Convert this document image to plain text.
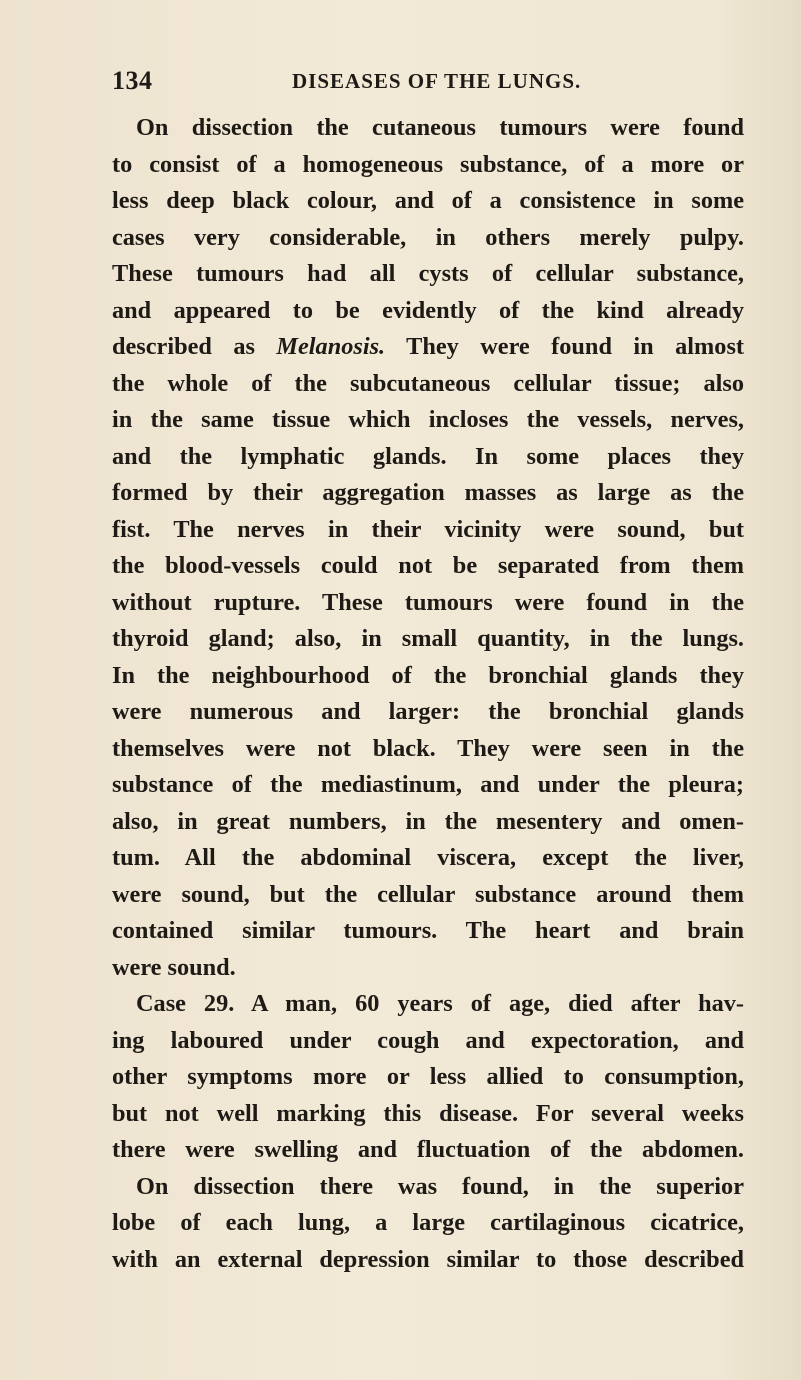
134	DISEASES OF THE LUNGS.
On dissection the cutaneous tumours were found
to consist of a homogeneous substance, of a more or
less deep black colour, and of a consistence in some
cases very considerable, in others merely pulpy.
These tumours had all cysts of cellular substance,
and appeared to be evidently of the kind already
described as Melanosis. They were found in almost
the whole of the subcutaneous cellular tissue; also
in the same tissue which incloses the vessels, nerves,
and the lymphatic glands. In some places they
formed by their aggregation masses as large as the
fist. The nerves in their vicinity were sound, but
the blood-vessels could not be separated from them
without rupture. These tumours were found in the
thyroid gland; also, in small quantity, in the lungs.
In the neighbourhood of the bronchial glands they
were numerous and larger: the bronchial glands
themselves were not black. They were seen in the
substance of the mediastinum, and under the pleura;
also, in great numbers, in the mesentery and omen-
tum. All the abdominal viscera, except the liver,
were sound, but the cellular substance around them
contained similar tumours. The heart and brain
were sound.
Case 29. A man, 60 years of age, died after hav-
ing laboured under cough and expectoration, and
other symptoms more or less allied to consumption,
but not well marking this disease. For several weeks
there were swelling and fluctuation of the abdomen.
On dissection there was found, in the superior
lobe of each lung, a large cartilaginous cicatrice,
with an external depression similar to those described
